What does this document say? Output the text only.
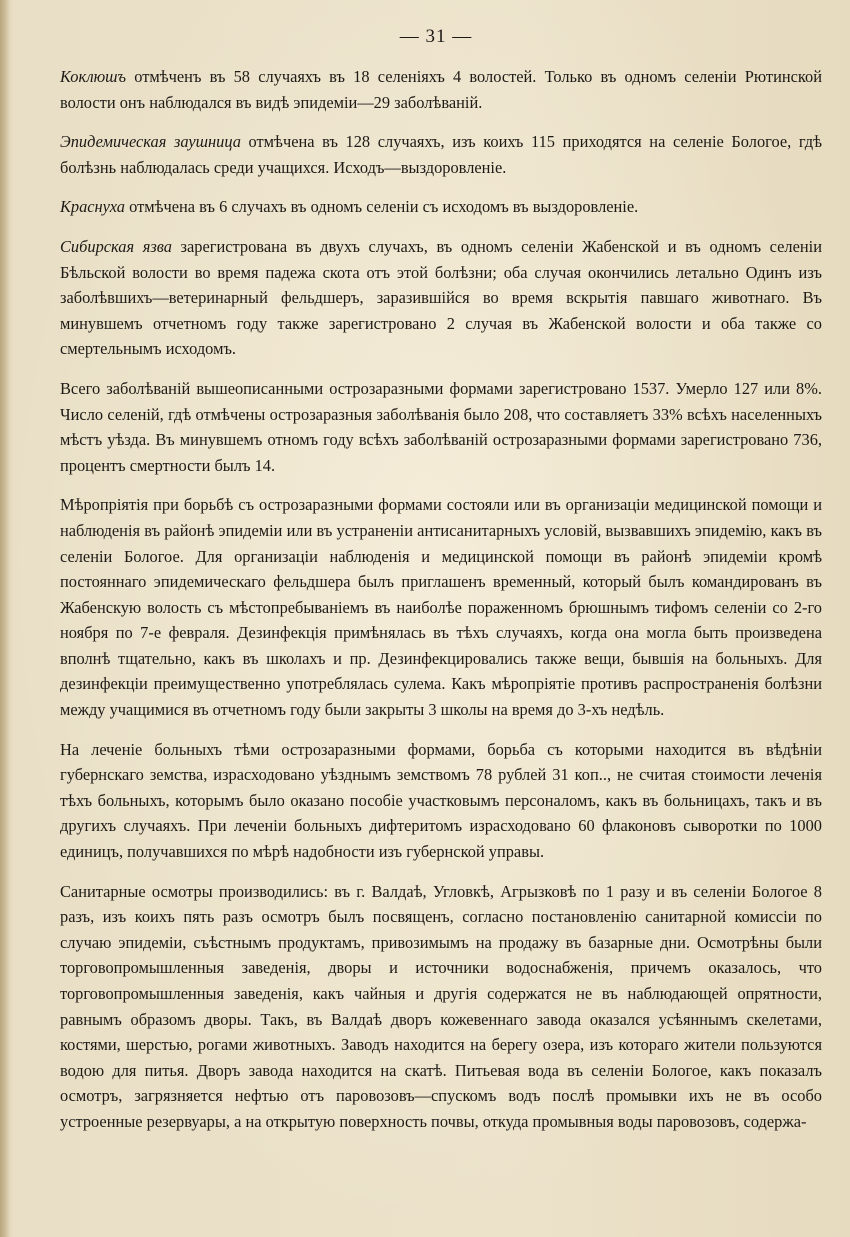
— 31 —

Коклюшъ отмѣченъ въ 58 случаяхъ въ 18 селеніяхъ 4 волостей. Только въ одномъ селеніи Рютинской волости онъ наблюдался въ видѣ эпидеміи—29 заболѣваній.

Эпидемическая заушница отмѣчена въ 128 случаяхъ, изъ коихъ 115 приходятся на селеніе Бологое, гдѣ болѣзнь наблюдалась среди учащихся. Исходъ—выздоровленіе.

Краснуха отмѣчена въ 6 случахъ въ одномъ селеніи съ исходомъ въ выздоровленіе.

Сибирская язва зарегистрована въ двухъ случахъ, въ одномъ селеніи Жабенской и въ одномъ селеніи Бѣльской волости во время падежа скота отъ этой болѣзни; оба случая окончились летально Одинъ изъ заболѣвшихъ—ветеринарный фельдшеръ, заразившійся во время вскрытія павшаго животнаго. Въ минувшемъ отчетномъ году также зарегистровано 2 случая въ Жабенской волости и оба также со смертельнымъ исходомъ.

Всего заболѣваній вышеописанными острозаразными формами зарегистровано 1537. Умерло 127 или 8%. Число селеній, гдѣ отмѣчены острозаразныя заболѣванія было 208, что составляетъ 33% всѣхъ населенныхъ мѣстъ уѣзда. Въ минувшемъ отномъ году всѣхъ заболѣваній острозаразными формами зарегистровано 736, процентъ смертности былъ 14.

Мѣропріятія при борьбѣ съ острозаразными формами состояли или въ организаціи медицинской помощи и наблюденія въ районѣ эпидеміи или въ устраненіи антисанитарныхъ условій, вызвавшихъ эпидемію, какъ въ селеніи Бологое. Для организаціи наблюденія и медицинской помощи въ районѣ эпидеміи кромѣ постояннаго эпидемическаго фельдшера былъ приглашенъ временный, который былъ командированъ въ Жабенскую волость съ мѣстопребываніемъ въ наиболѣе пораженномъ брюшнымъ тифомъ селеніи со 2-го ноября по 7-е февраля. Дезинфекція примѣнялась въ тѣхъ случаяхъ, когда она могла быть произведена вполнѣ тщательно, какъ въ школахъ и пр. Дезинфекцировались также вещи, бывшія на больныхъ. Для дезинфекціи преимущественно употреблялась сулема. Какъ мѣропріятіе противъ распространенія болѣзни между учащимися въ отчетномъ году были закрыты 3 школы на время до 3-хъ недѣль.

На леченіе больныхъ тѣми острозаразными формами, борьба съ которыми находится въ вѣдѣніи губернскаго земства, израсходовано уѣзднымъ земствомъ 78 рублей 31 коп.., не считая стоимости леченія тѣхъ больныхъ, которымъ было оказано пособіе участковымъ персоналомъ, какъ въ больницахъ, такъ и въ другихъ случаяхъ. При леченіи больныхъ дифтеритомъ израсходовано 60 флаконовъ сыворотки по 1000 единицъ, получавшихся по мѣрѣ надобности изъ губернской управы.

Санитарные осмотры производились: въ г. Валдаѣ, Угловкѣ, Агрызковѣ по 1 разу и въ селеніи Бологое 8 разъ, изъ коихъ пять разъ осмотръ былъ посвященъ, согласно постановленію санитарной комиссіи по случаю эпидеміи, съѣстнымъ продуктамъ, привозимымъ на продажу въ базарные дни. Осмотрѣны были торговопромышленныя заведенія, дворы и источники водоснабженія, причемъ оказалось, что торговопромышленныя заведенія, какъ чайныя и другія содержатся не въ наблюдающей опрятности, равнымъ образомъ дворы. Такъ, въ Валдаѣ дворъ кожевеннаго завода оказался усѣяннымъ скелетами, костями, шерстью, рогами животныхъ. Заводъ находится на берегу озера, изъ котораго жители пользуются водою для питья. Дворъ завода находится на скатѣ. Питьевая вода въ селеніи Бологое, какъ показалъ осмотръ, загрязняется нефтью отъ паровозовъ—спускомъ водъ послѣ промывки ихъ не въ особо устроенные резервуары, а на открытую поверхность почвы, откуда промывныя воды паровозовъ, содержа-
